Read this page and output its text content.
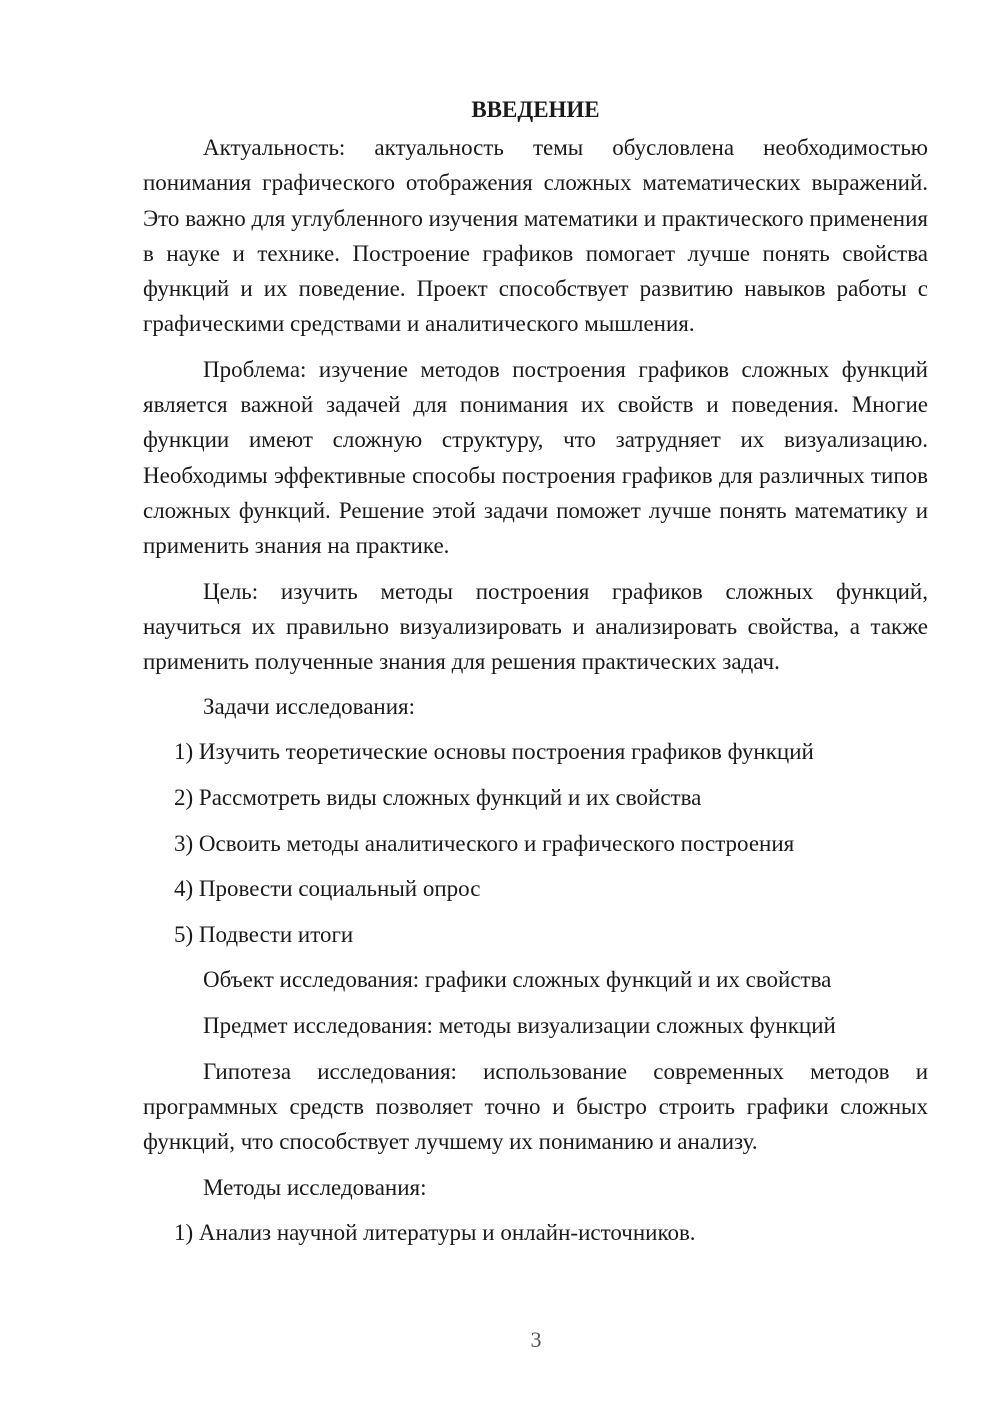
ВВЕДЕНИЕ

Актуальность: актуальность темы обусловлена необходимостью понимания графического отображения сложных математических выражений. Это важно для углубленного изучения математики и практического применения в науке и технике. Построение графиков помогает лучше понять свойства функций и их поведение. Проект способствует развитию навыков работы с графическими средствами и аналитического мышления.

Проблема: изучение методов построения графиков сложных функций является важной задачей для понимания их свойств и поведения. Многие функции имеют сложную структуру, что затрудняет их визуализацию. Необходимы эффективные способы построения графиков для различных типов сложных функций. Решение этой задачи поможет лучше понять математику и применить знания на практике.

Цель: изучить методы построения графиков сложных функций, научиться их правильно визуализировать и анализировать свойства, а также применить полученные знания для решения практических задач.

Задачи исследования:

1) Изучить теоретические основы построения графиков функций

2) Рассмотреть виды сложных функций и их свойства

3) Освоить методы аналитического и графического построения

4) Провести социальный опрос

5) Подвести итоги

Объект исследования: графики сложных функций и их свойства

Предмет исследования: методы визуализации сложных функций

Гипотеза исследования: использование современных методов и программных средств позволяет точно и быстро строить графики сложных функций, что способствует лучшему их пониманию и анализу.

Методы исследования:

1) Анализ научной литературы и онлайн-источников.

3
